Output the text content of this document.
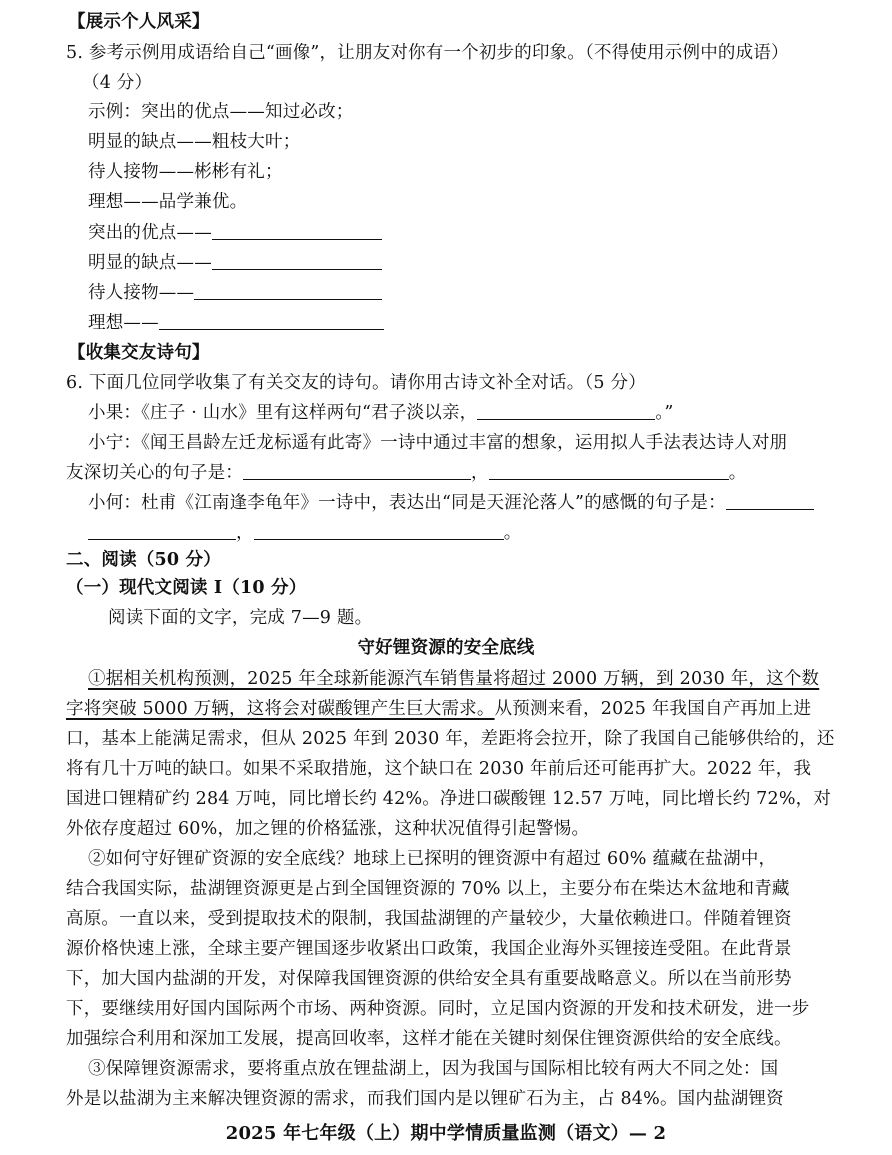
【展示个人风采】
5. 参考示例用成语给自己“画像”，让朋友对你有一个初步的印象。（不得使用示例中的成语）
（4 分）
示例：突出的优点——知过必改；
明显的缺点——粗枝大叶；
待人接物——彬彬有礼；
理想——品学兼优。
突出的优点——
明显的缺点——
待人接物——
理想——
【收集交友诗句】
6. 下面几位同学收集了有关交友的诗句。请你用古诗文补全对话。（5 分）
小果：《庄子 · 山水》里有这样两句“君子淡以亲，	。”
小宁：《闻王昌龄左迁龙标遥有此寄》一诗中通过丰富的想象，运用拟人手法表达诗人对朋
友深切关心的句子是：	，	。
小何：杜甫《江南逢李龟年》一诗中，表达出“同是天涯沦落人”的感慨的句子是：
，	。
二、阅读（50 分）
（一）现代文阅读 Ⅰ（10 分）
阅读下面的文字，完成 7—9 题。
守好锂资源的安全底线
①据相关机构预测，2025 年全球新能源汽车销售量将超过 2000 万辆，到 2030 年，这个数
字将突破 5000 万辆，这将会对碳酸锂产生巨大需求。从预测来看，2025 年我国自产再加上进
口，基本上能满足需求，但从 2025 年到 2030 年，差距将会拉开，除了我国自己能够供给的，还
将有几十万吨的缺口。如果不采取措施，这个缺口在 2030 年前后还可能再扩大。2022 年，我
国进口锂精矿约 284 万吨，同比增长约 42%。净进口碳酸锂 12.57 万吨，同比增长约 72%，对
外依存度超过 60%，加之锂的价格猛涨，这种状况值得引起警惕。
②如何守好锂矿资源的安全底线？地球上已探明的锂资源中有超过 60% 蕴藏在盐湖中，
结合我国实际，盐湖锂资源更是占到全国锂资源的 70% 以上，主要分布在柴达木盆地和青藏
高原。一直以来，受到提取技术的限制，我国盐湖锂的产量较少，大量依赖进口。伴随着锂资
源价格快速上涨，全球主要产锂国逐步收紧出口政策，我国企业海外买锂接连受阻。在此背景
下，加大国内盐湖的开发，对保障我国锂资源的供给安全具有重要战略意义。所以在当前形势
下，要继续用好国内国际两个市场、两种资源。同时，立足国内资源的开发和技术研发，进一步
加强综合利用和深加工发展，提高回收率，这样才能在关键时刻保住锂资源供给的安全底线。
③保障锂资源需求，要将重点放在锂盐湖上，因为我国与国际相比较有两大不同之处：国
外是以盐湖为主来解决锂资源的需求，而我们国内是以锂矿石为主，占 84%。国内盐湖锂资
2025 年七年级（上）期中学情质量监测（语文）— 2
